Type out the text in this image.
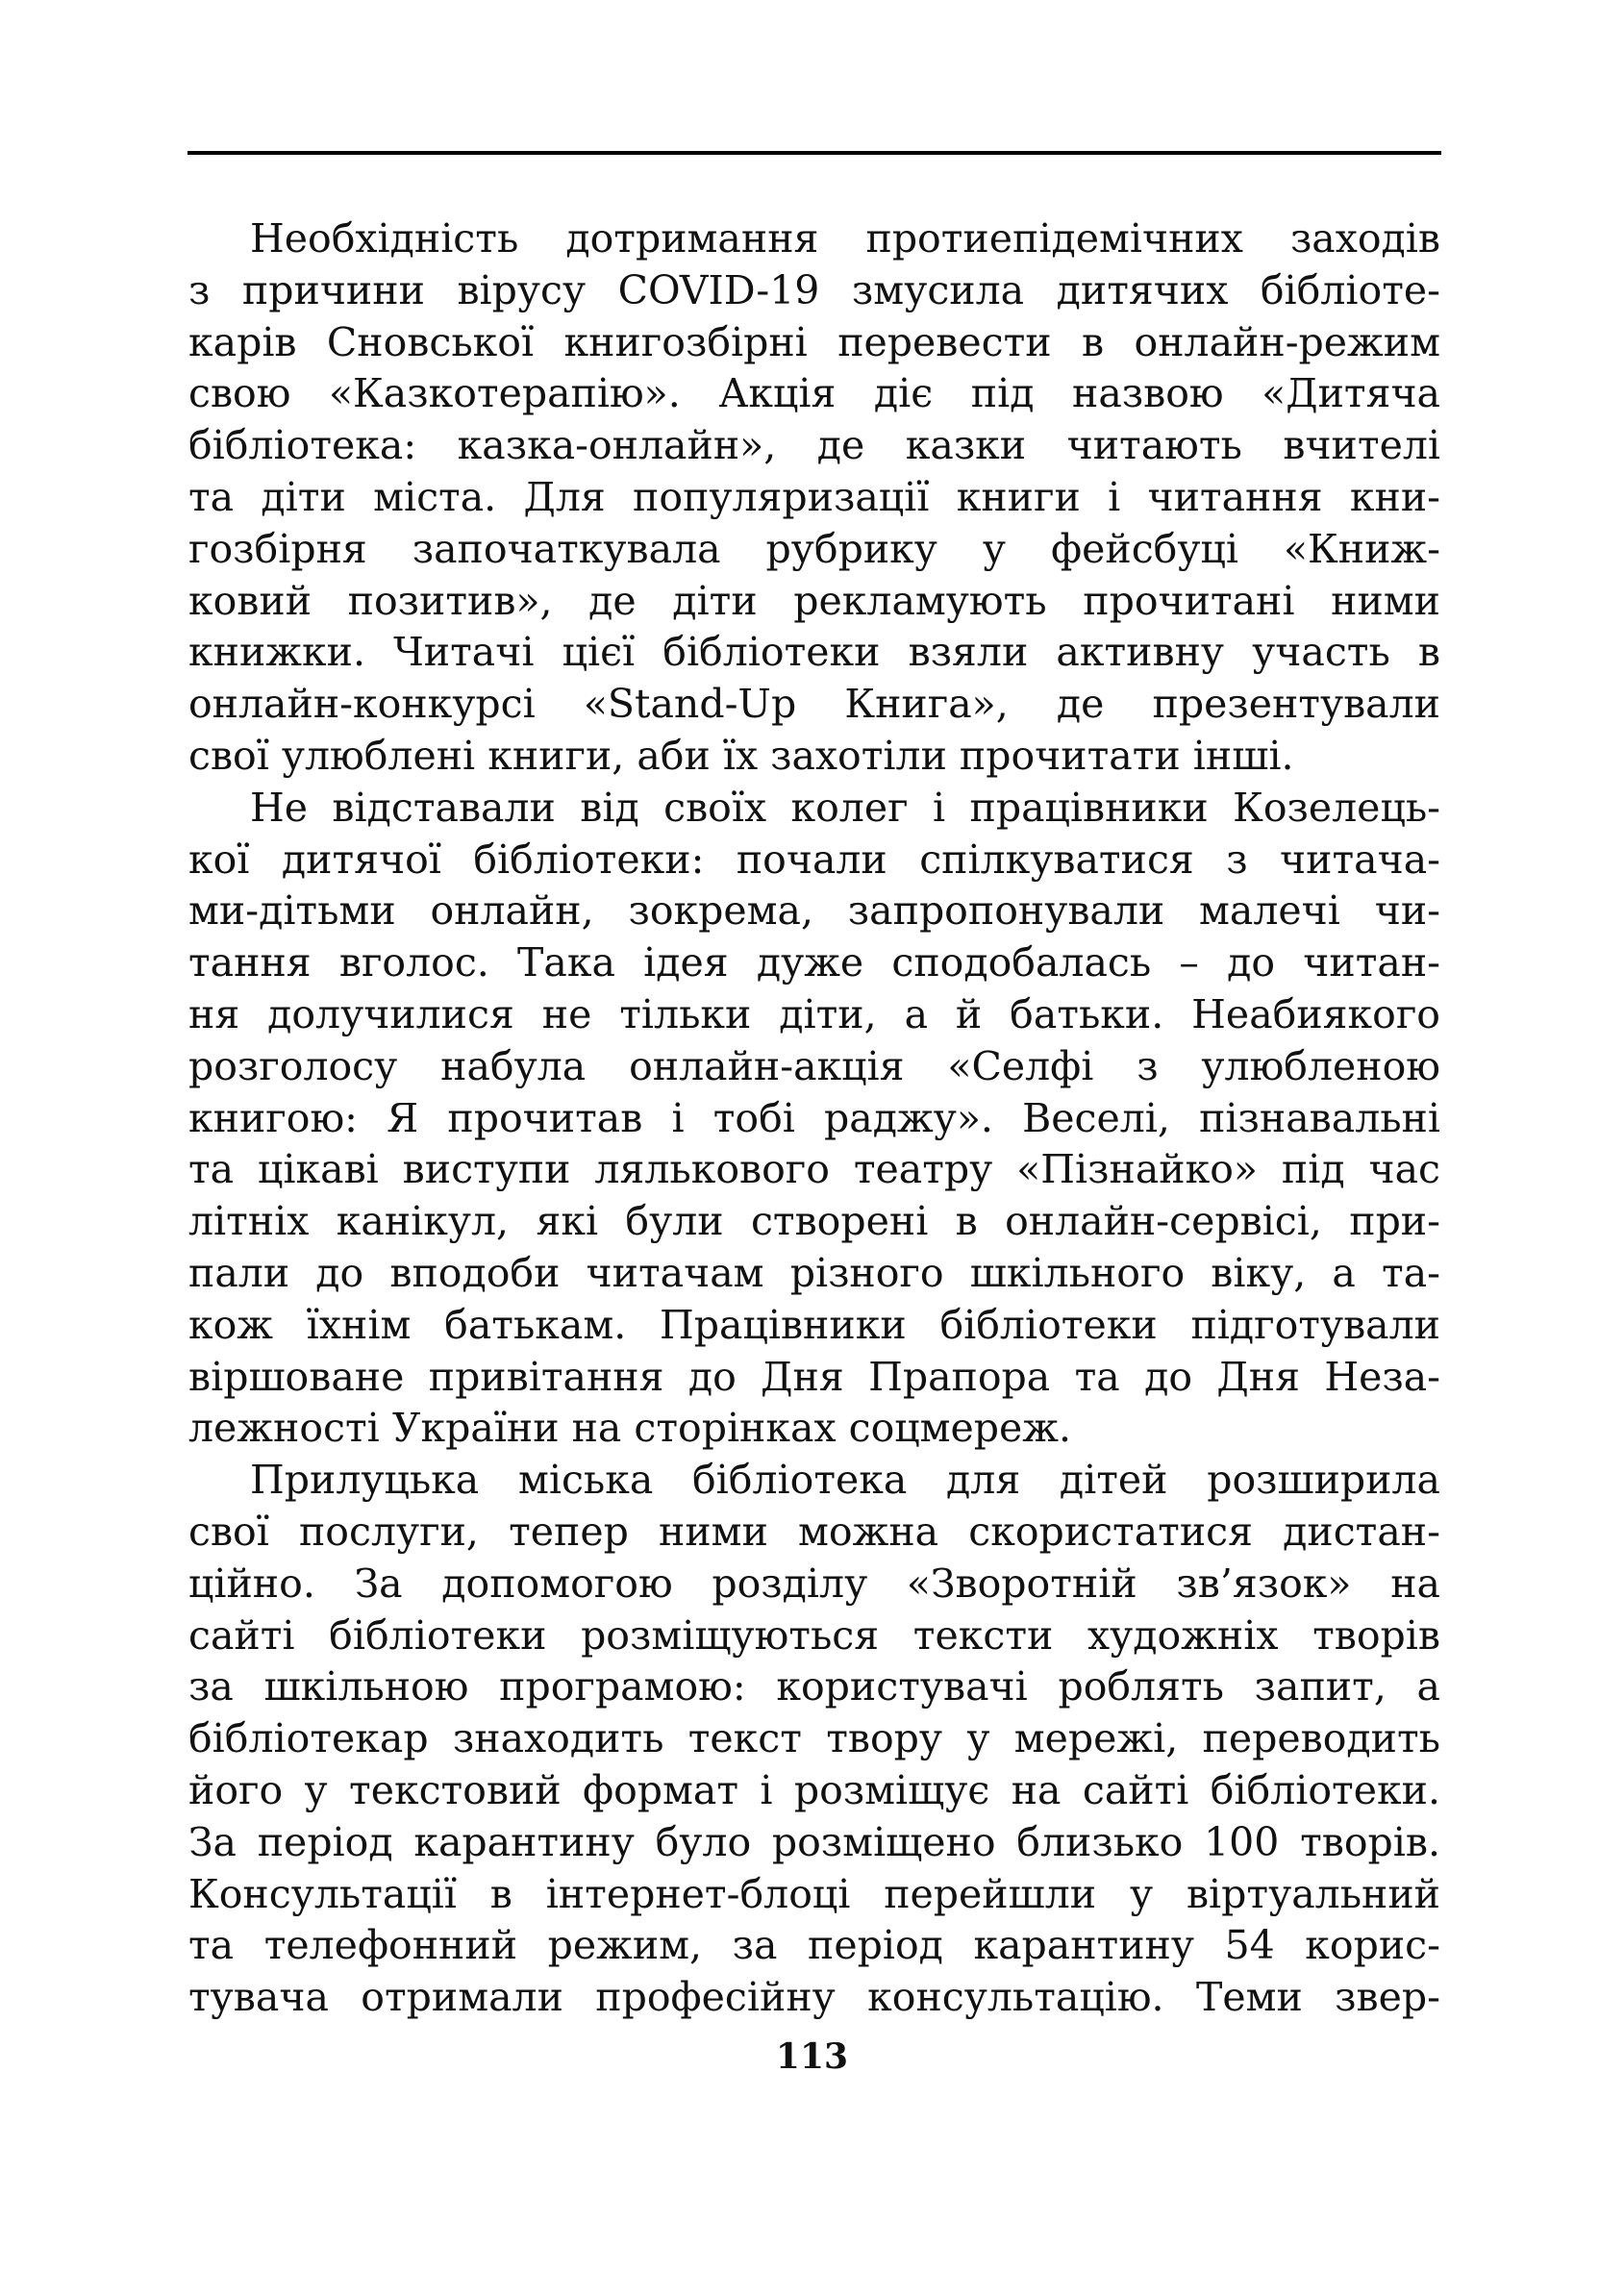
Необхідність дотримання протиепідемічних заходів
з причини вірусу COVID-19 змусила дитячих бібліоте-
карів Сновської книгозбірні перевести в онлайн-режим
свою «Казкотерапію». Акція діє під назвою «Дитяча
бібліотека: казка-онлайн», де казки читають вчителі
та діти міста. Для популяризації книги і читання кни-
гозбірня започаткувала рубрику у фейсбуці «Книж-
ковий позитив», де діти рекламують прочитані ними
книжки. Читачі цієї бібліотеки взяли активну участь в
онлайн-конкурсі «Stand-Up Книга», де презентували
свої улюблені книги, аби їх захотіли прочитати інші.
Не відставали від своїх колег і працівники Козелець-
кої дитячої бібліотеки: почали спілкуватися з читача-
ми-дітьми онлайн, зокрема, запропонували малечі чи-
тання вголос. Така ідея дуже сподобалась – до читан-
ня долучилися не тільки діти, а й батьки. Неабиякого
розголосу набула онлайн-акція «Селфі з улюбленою
книгою: Я прочитав і тобі раджу». Веселі, пізнавальні
та цікаві виступи лялькового театру «Пізнайко» під час
літніх канікул, які були створені в онлайн-сервісі, при-
пали до вподоби читачам різного шкільного віку, а та-
кож їхнім батькам. Працівники бібліотеки підготували
віршоване привітання до Дня Прапора та до Дня Неза-
лежності України на сторінках соцмереж.
Прилуцька міська бібліотека для дітей розширила
свої послуги, тепер ними можна скористатися дистан-
ційно. За допомогою розділу «Зворотній зв’язок» на
сайті бібліотеки розміщуються тексти художніх творів
за шкільною програмою: користувачі роблять запит, а
бібліотекар знаходить текст твору у мережі, переводить
його у текстовий формат і розміщує на сайті бібліотеки.
За період карантину було розміщено близько 100 творів.
Консультації в інтернет-блоці перейшли у віртуальний
та телефонний режим, за період карантину 54 корис-
тувача отримали професійну консультацію. Теми звер-
113
